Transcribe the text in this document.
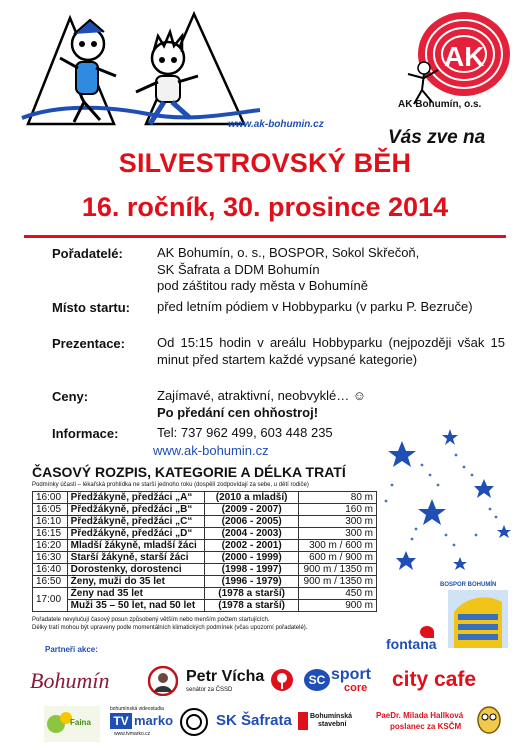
www.ak-bohumin.cz
AK
AK Bohumín, o.s.
Vás zve na
SILVESTROVSKÝ BĚH
16. ročník, 30. prosince 2014
Pořadatelé:	AK Bohumín, o. s., BOSPOR, Sokol Skřečoň,
SK Šafrata a DDM Bohumín
pod záštitou rady města v Bohumíně
Místo startu: před letním pódiem v Hobbyparku (v parku P. Bezruče)
Prezentace: Od 15:15 hodin v areálu Hobbyparku (nejpozději však 15 minut před startem každé vypsané kategorie)
Ceny:	Zajímavé, atraktivní, neobvyklé… ☺
Po předání cen ohňostroj!
Informace:	Tel: 737 962 499, 603 448 235
www.ak-bohumin.cz
ČASOVÝ ROZPIS, KATEGORIE A DÉLKA TRATÍ
Podmínky účasti – lékařská prohlídka ne starší jednoho roku (dospělí zodpovídají za sebe, u dětí rodiče)
16:00	Předžákyně, předžáci „A“	(2010 a mladší)	80 m
16:05	Předžákyně, předžáci „B“	(2009 - 2007)	160 m
16:10	Předžákyně, předžáci „C“	(2006 - 2005)	300 m
16:15	Předžákyně, předžáci „D“	(2004 - 2003)	300 m
16:20	Mladší žákyně, mladší žáci	(2002 - 2001)	300 m / 600 m
16:30	Starší žákyně, starší žáci	(2000 - 1999)	600 m / 900 m
16:40	Dorostenky, dorostenci	(1998 - 1997)	900 m / 1350 m
16:50	Ženy, muži do 35 let	(1996 - 1979)	900 m / 1350 m
17:00	Ženy nad 35 let	(1978 a starší)	450 m
	Muži 35 – 50 let, nad 50 let	(1978 a starší)	900 m
Pořadatele nevylučují časový posun způsobený větším nebo menším počtem startujících.
Délky tratí mohou být upraveny podle momentálních klimatických podmínek (včas upozorní pořadatelé).
BOSPOR BOHUMÍN
fontana
Partneři akce:
Bohumín	Petr Vícha
senátor za ČSSD
SC sport
core city cafe
Faina
bohumínská videostudia
TV marko
www.tvmarko.cz
SK Šafrata	Bohumínská
stavební
PaeDr. Milada Hallková
poslanec za KSČM
